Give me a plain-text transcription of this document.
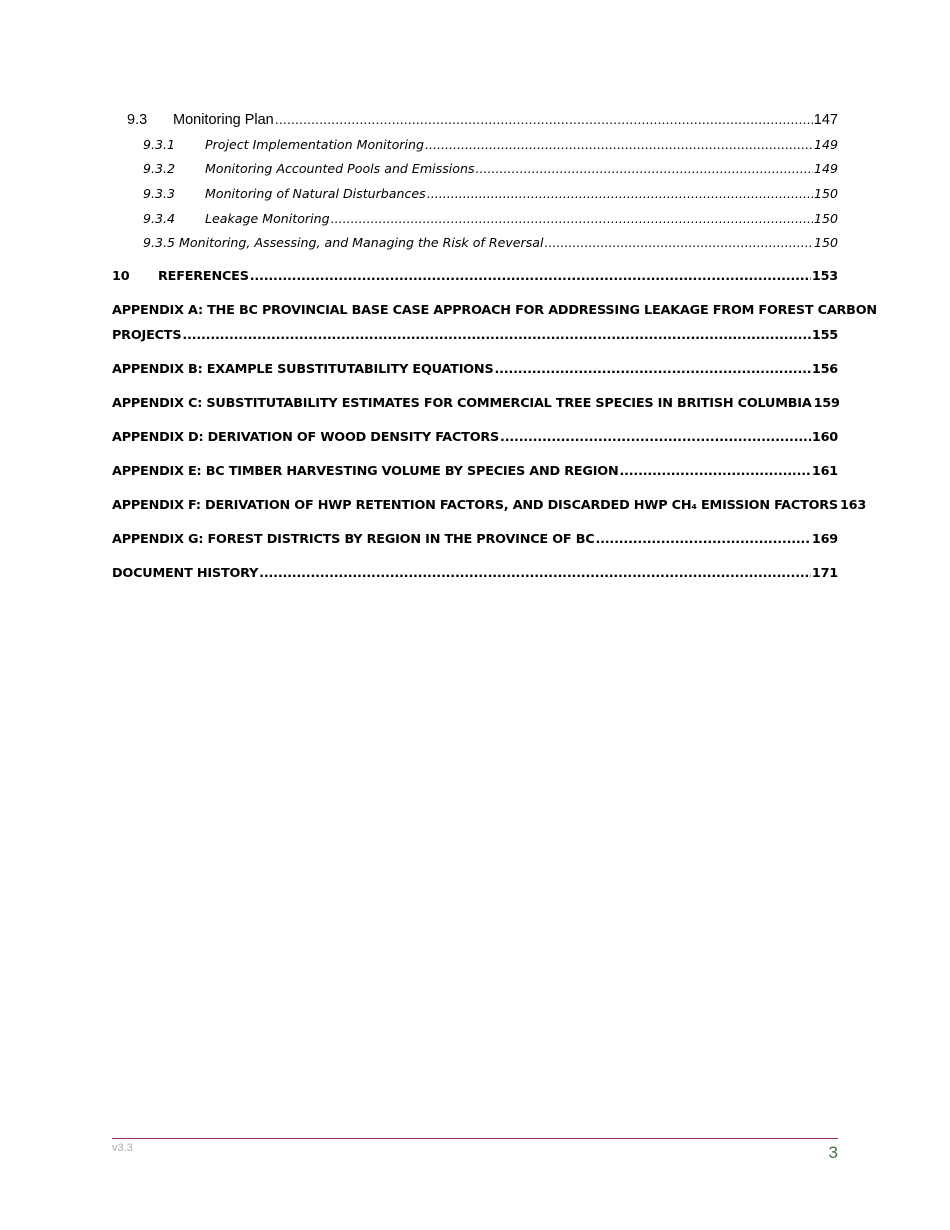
9.3	Monitoring Plan .....	147
9.3.1	Project Implementation Monitoring .....	149
9.3.2	Monitoring Accounted Pools and Emissions .....	149
9.3.3	Monitoring of Natural Disturbances .....	150
9.3.4	Leakage Monitoring .....	150
9.3.5 Monitoring, Assessing, and Managing the Risk of Reversal .....	150
10	REFERENCES .....	153
APPENDIX A: THE BC PROVINCIAL BASE CASE APPROACH FOR ADDRESSING LEAKAGE FROM FOREST CARBON
PROJECTS .....	155
APPENDIX B: EXAMPLE SUBSTITUTABILITY EQUATIONS .....	156
APPENDIX C: SUBSTITUTABILITY ESTIMATES FOR COMMERCIAL TREE SPECIES IN BRITISH COLUMBIA 159
APPENDIX D: DERIVATION OF WOOD DENSITY FACTORS .....	160
APPENDIX E: BC TIMBER HARVESTING VOLUME BY SPECIES AND REGION .....	161
APPENDIX F: DERIVATION OF HWP RETENTION FACTORS, AND DISCARDED HWP CH₄ EMISSION FACTORS 163
APPENDIX G: FOREST DISTRICTS BY REGION IN THE PROVINCE OF BC .....	169
DOCUMENT HISTORY .....	171
v3.3	3
